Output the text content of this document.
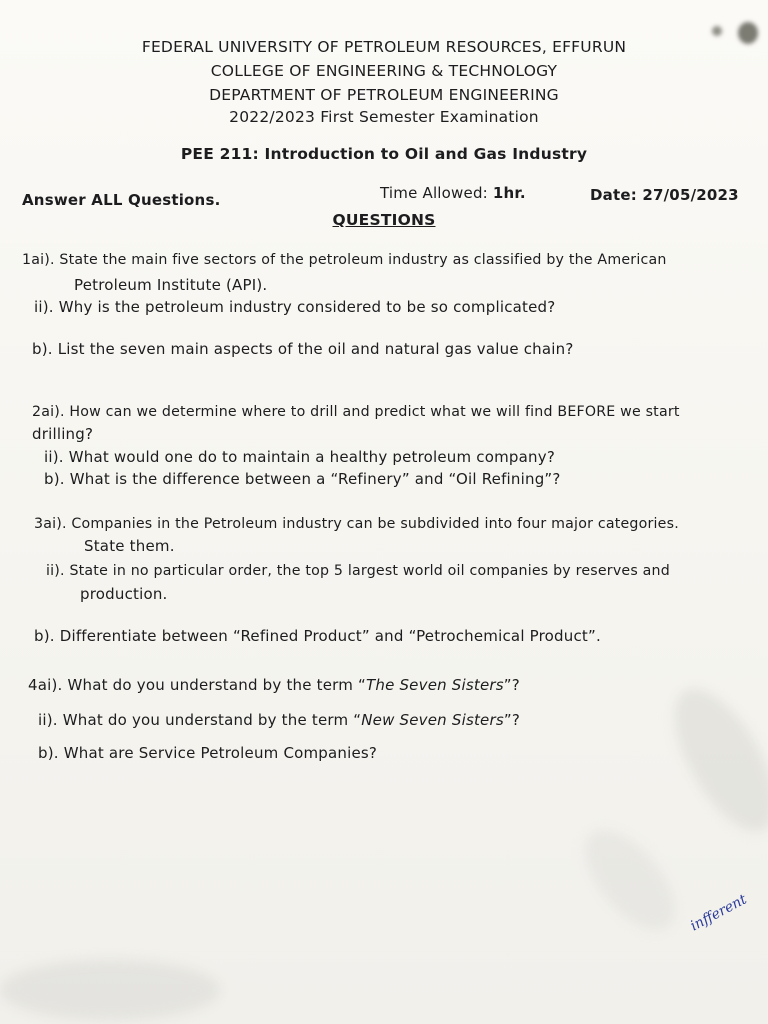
FEDERAL UNIVERSITY OF PETROLEUM RESOURCES, EFFURUN
COLLEGE OF ENGINEERING & TECHNOLOGY
DEPARTMENT OF PETROLEUM ENGINEERING
2022/2023 First Semester Examination
PEE 211: Introduction to Oil and Gas Industry
Answer ALL Questions.	Time Allowed: 1hr.	Date: 27/05/2023
QUESTIONS
1ai). State the main five sectors of the petroleum industry as classified by the American
Petroleum Institute (API).
ii). Why is the petroleum industry considered to be so complicated?
b). List the seven main aspects of the oil and natural gas value chain?
2ai). How can we determine where to drill and predict what we will find BEFORE we start
drilling?
ii). What would one do to maintain a healthy petroleum company?
b). What is the difference between a “Refinery” and “Oil Refining”?
3ai). Companies in the Petroleum industry can be subdivided into four major categories.
State them.
ii). State in no particular order, the top 5 largest world oil companies by reserves and
production.
b). Differentiate between “Refined Product” and “Petrochemical Product”.
4ai). What do you understand by the term “The Seven Sisters”?
ii). What do you understand by the term “New Seven Sisters”?
b). What are Service Petroleum Companies?
infferent
